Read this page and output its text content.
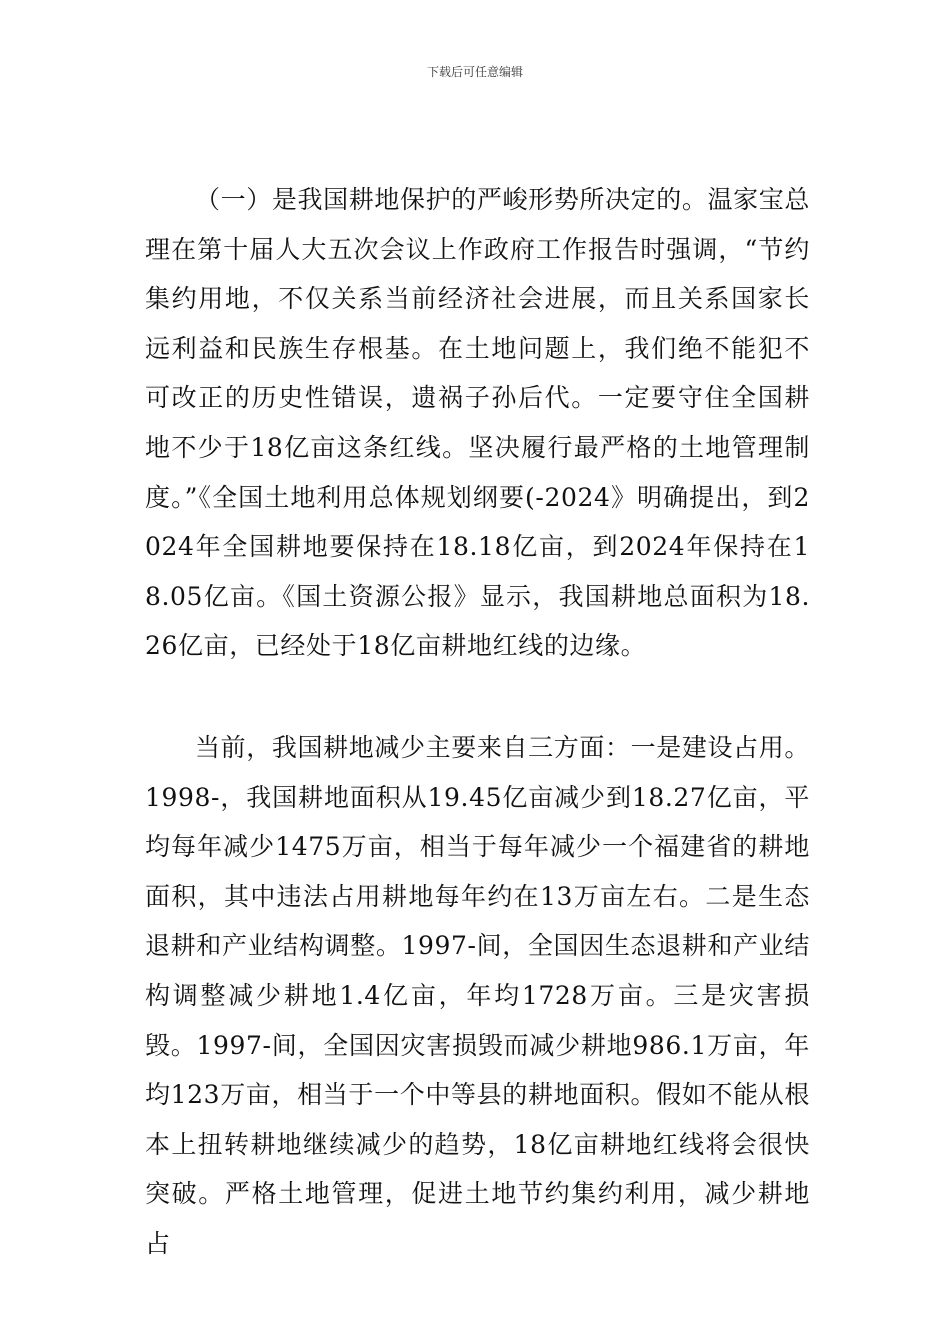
下载后可任意编辑

（一）是我国耕地保护的严峻形势所决定的。温家宝总理在第十届人大五次会议上作政府工作报告时强调，“节约集约用地，不仅关系当前经济社会进展，而且关系国家长远利益和民族生存根基。在土地问题上，我们绝不能犯不可改正的历史性错误，遗祸子孙后代。一定要守住全国耕地不少于18亿亩这条红线。坚决履行最严格的土地管理制度。”《全国土地利用总体规划纲要(-2024》明确提出，到2024年全国耕地要保持在18.18亿亩，到2024年保持在18.05亿亩。《国土资源公报》显示，我国耕地总面积为18.26亿亩，已经处于18亿亩耕地红线的边缘。

当前，我国耕地减少主要来自三方面：一是建设占用。1998-，我国耕地面积从19.45亿亩减少到18.27亿亩，平均每年减少1475万亩，相当于每年减少一个福建省的耕地面积，其中违法占用耕地每年约在13万亩左右。二是生态退耕和产业结构调整。1997-间，全国因生态退耕和产业结构调整减少耕地1.4亿亩，年均1728万亩。三是灾害损毁。1997-间，全国因灾害损毁而减少耕地986.1万亩，年均123万亩，相当于一个中等县的耕地面积。假如不能从根本上扭转耕地继续减少的趋势，18亿亩耕地红线将会很快突破。严格土地管理，促进土地节约集约利用，减少耕地占
